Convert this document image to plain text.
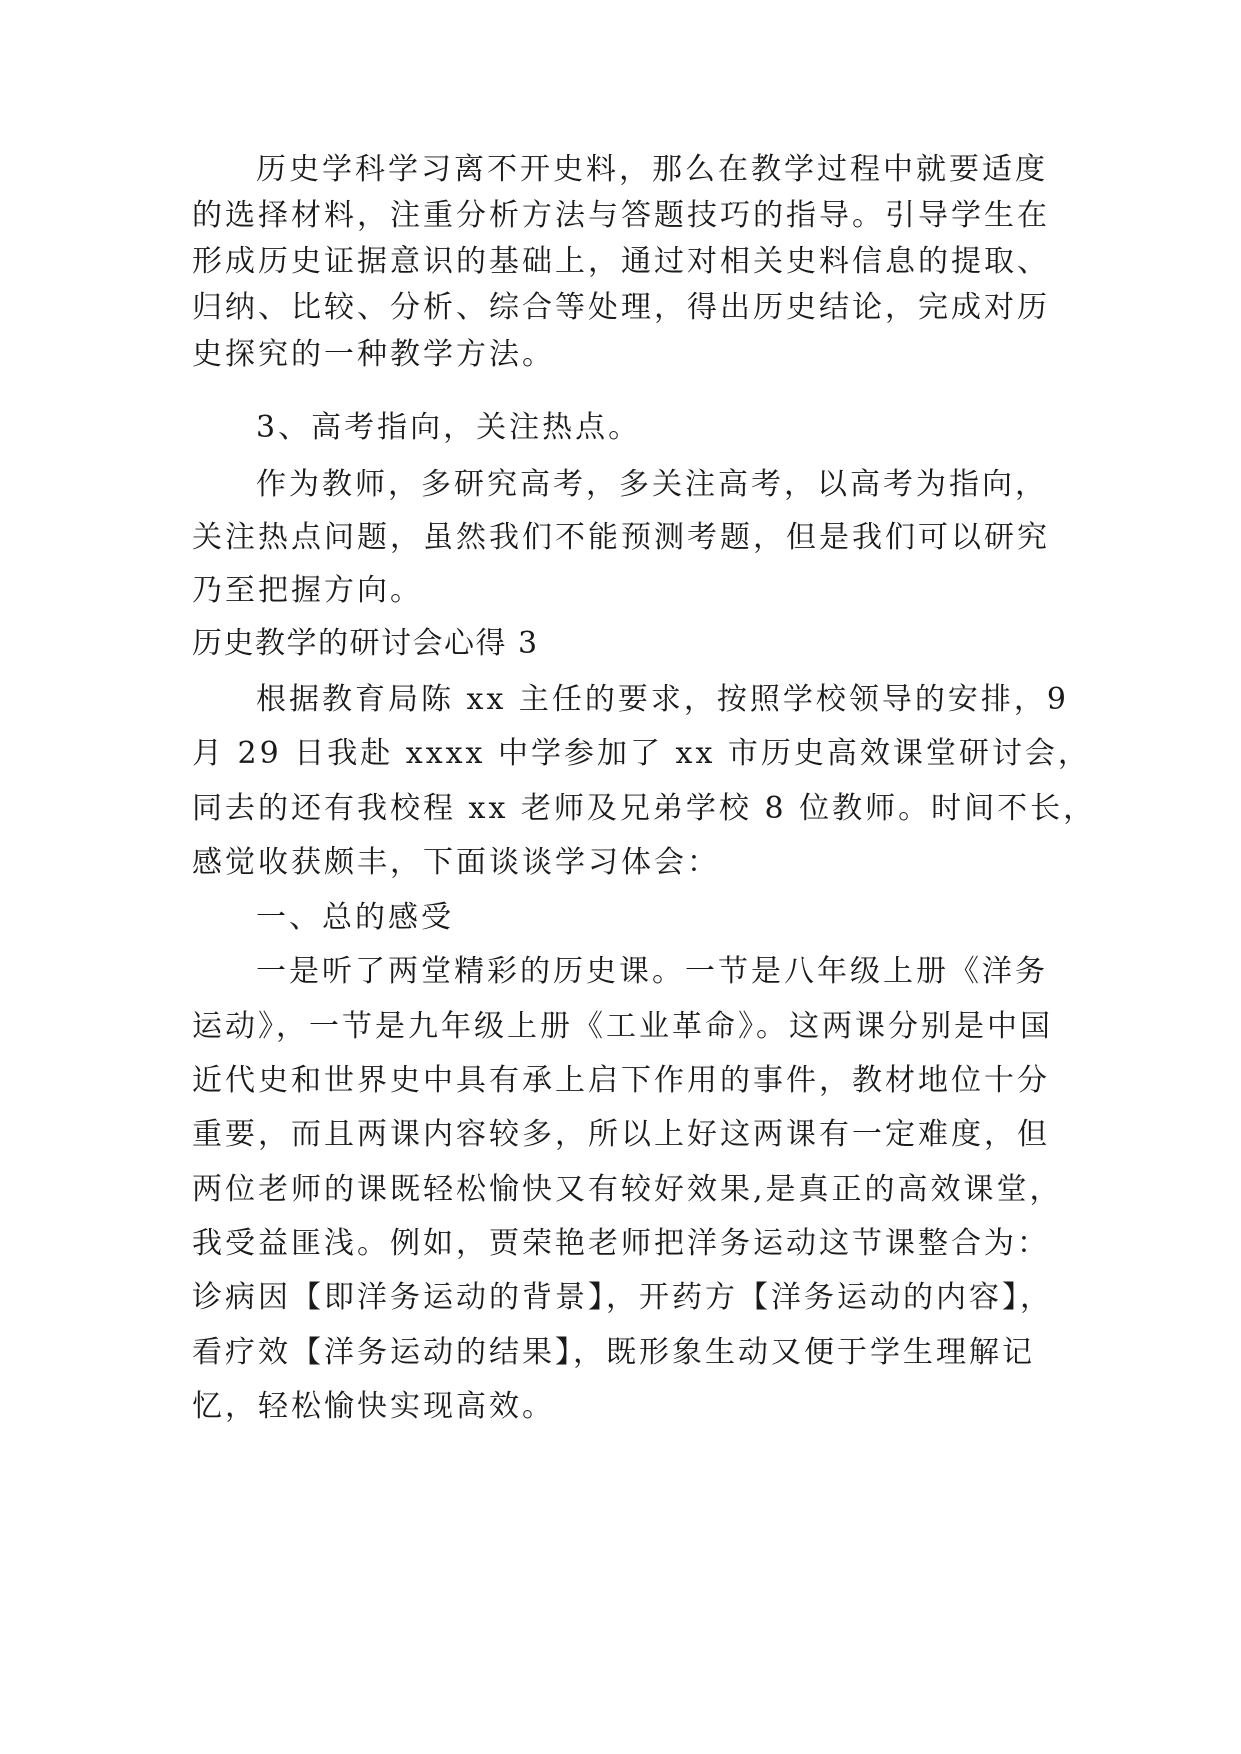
历史学科学习离不开史料，那么在教学过程中就要适度
的选择材料，注重分析方法与答题技巧的指导。引导学生在
形成历史证据意识的基础上，通过对相关史料信息的提取、
归纳、比较、分析、综合等处理，得出历史结论，完成对历
史探究的一种教学方法。
3、高考指向，关注热点。
作为教师，多研究高考，多关注高考，以高考为指向，
关注热点问题，虽然我们不能预测考题，但是我们可以研究
乃至把握方向。
历史教学的研讨会心得 3
根据教育局陈 xx 主任的要求，按照学校领导的安排，9
月 29 日我赴 xxxx 中学参加了 xx 市历史高效课堂研讨会，
同去的还有我校程 xx 老师及兄弟学校 8 位教师。时间不长，
感觉收获颇丰，下面谈谈学习体会：
一、总的感受
一是听了两堂精彩的历史课。一节是八年级上册《洋务
运动》，一节是九年级上册《工业革命》。这两课分别是中国
近代史和世界史中具有承上启下作用的事件，教材地位十分
重要，而且两课内容较多，所以上好这两课有一定难度，但
两位老师的课既轻松愉快又有较好效果,是真正的高效课堂，
我受益匪浅。例如，贾荣艳老师把洋务运动这节课整合为：
诊病因【即洋务运动的背景】，开药方【洋务运动的内容】，
看疗效【洋务运动的结果】，既形象生动又便于学生理解记
忆，轻松愉快实现高效。
